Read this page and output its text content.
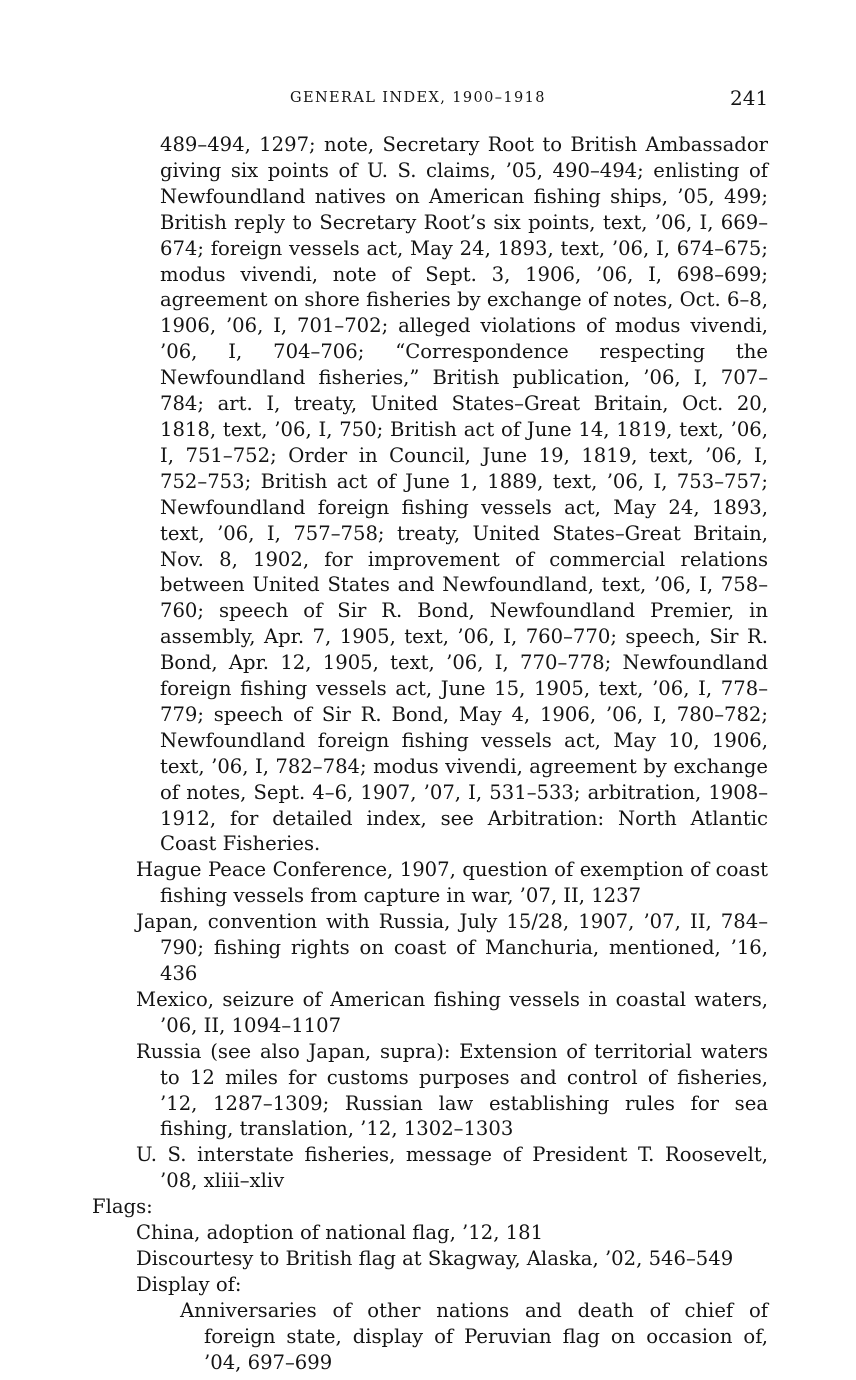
GENERAL INDEX, 1900–1918	241

489–494, 1297; note, Secretary Root to British Ambassador giving six points of U. S. claims, ’05, 490–494; enlisting of Newfoundland natives on American fishing ships, ’05, 499; British reply to Secretary Root’s six points, text, ’06, I, 669–674; foreign vessels act, May 24, 1893, text, ’06, I, 674–675; modus vivendi, note of Sept. 3, 1906, ’06, I, 698–699; agreement on shore fisheries by exchange of notes, Oct. 6–8, 1906, ’06, I, 701–702; alleged violations of modus vivendi, ’06, I, 704–706; “Correspondence respecting the Newfoundland fisheries,” British publication, ’06, I, 707–784; art. I, treaty, United States–Great Britain, Oct. 20, 1818, text, ’06, I, 750; British act of June 14, 1819, text, ’06, I, 751–752; Order in Council, June 19, 1819, text, ’06, I, 752–753; British act of June 1, 1889, text, ’06, I, 753–757; Newfoundland foreign fishing vessels act, May 24, 1893, text, ’06, I, 757–758; treaty, United States–Great Britain, Nov. 8, 1902, for improvement of commercial relations between United States and Newfoundland, text, ’06, I, 758–760; speech of Sir R. Bond, Newfoundland Premier, in assembly, Apr. 7, 1905, text, ’06, I, 760–770; speech, Sir R. Bond, Apr. 12, 1905, text, ’06, I, 770–778; Newfoundland foreign fishing vessels act, June 15, 1905, text, ’06, I, 778–779; speech of Sir R. Bond, May 4, 1906, ’06, I, 780–782; Newfoundland foreign fishing vessels act, May 10, 1906, text, ’06, I, 782–784; modus vivendi, agreement by exchange of notes, Sept. 4–6, 1907, ’07, I, 531–533; arbitration, 1908–1912, for detailed index, see Arbitration: North Atlantic Coast Fisheries.

Hague Peace Conference, 1907, question of exemption of coast fishing vessels from capture in war, ’07, II, 1237

Japan, convention with Russia, July 15/28, 1907, ’07, II, 784–790; fishing rights on coast of Manchuria, mentioned, ’16, 436

Mexico, seizure of American fishing vessels in coastal waters, ’06, II, 1094–1107

Russia (see also Japan, supra): Extension of territorial waters to 12 miles for customs purposes and control of fisheries, ’12, 1287–1309; Russian law establishing rules for sea fishing, translation, ’12, 1302–1303

U. S. interstate fisheries, message of President T. Roosevelt, ’08, xliii–xliv

Flags:

China, adoption of national flag, ’12, 181

Discourtesy to British flag at Skagway, Alaska, ’02, 546–549

Display of:

Anniversaries of other nations and death of chief of foreign state, display of Peruvian flag on occasion of, ’04, 697–699
